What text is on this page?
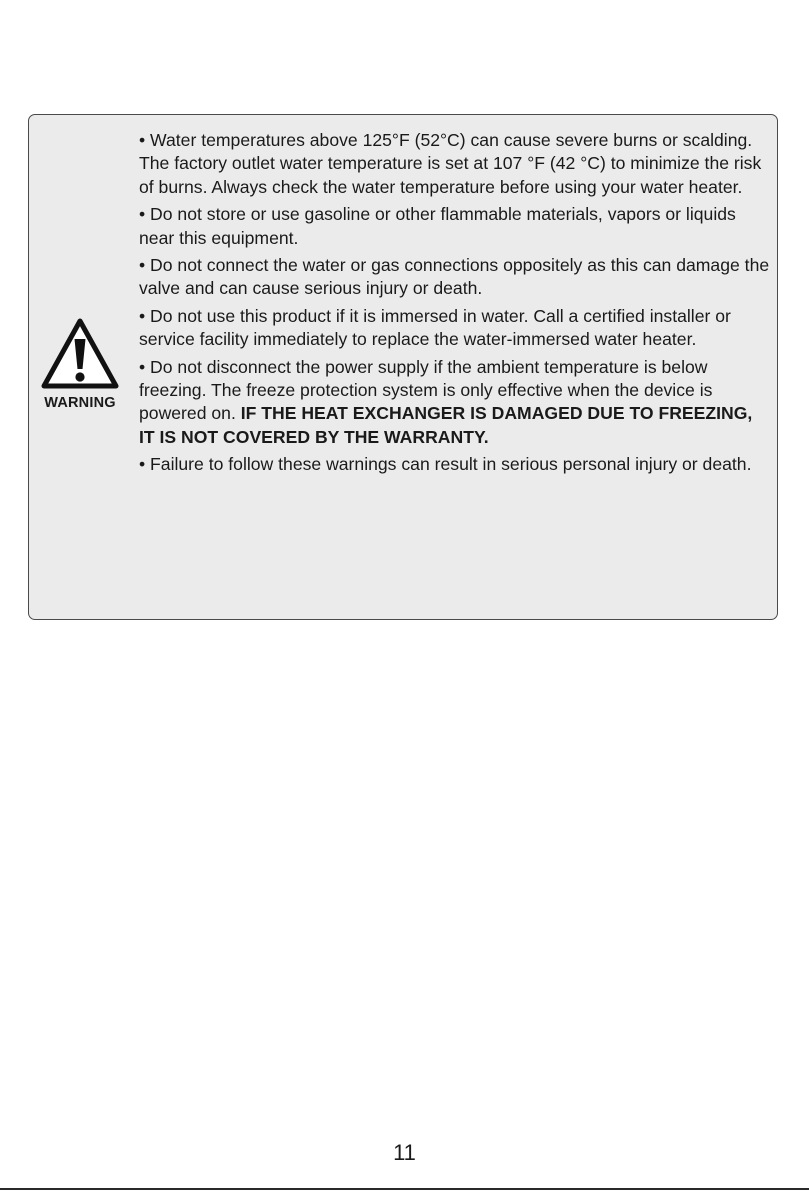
WARNING

• Water temperatures above 125°F (52°C) can cause severe burns or scalding. The factory outlet water temperature is set at 107 °F (42 °C) to minimize the risk of burns. Always check the water temperature before using your water heater.

• Do not store or use gasoline or other flammable materials, vapors or liquids near this equipment.

• Do not connect the water or gas connections oppositely as this can damage the valve and can cause serious injury or death.

• Do not use this product if it is immersed in water. Call a certified installer or service facility immediately to replace the water-immersed water heater.

• Do not disconnect the power supply if the ambient temperature is below freezing. The freeze protection system is only effective when the device is powered on. IF THE HEAT EXCHANGER IS DAMAGED DUE TO FREEZING, IT IS NOT COVERED BY THE WARRANTY.

• Failure to follow these warnings can result in serious personal injury or death.

11
